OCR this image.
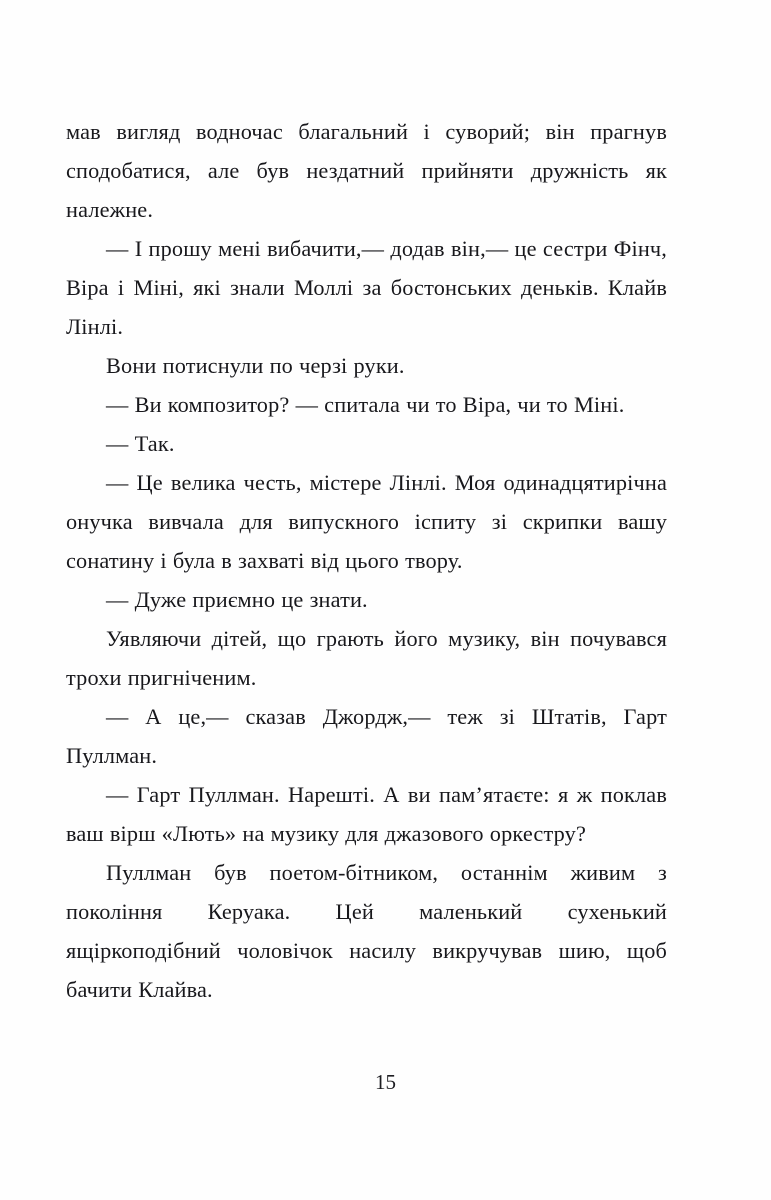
мав вигляд водночас благальний і суворий; він прагнув сподобатися, але був нездатний прийняти дружність як належне.

— І прошу мені вибачити,— додав він,— це сестри Фінч, Віра і Міні, які знали Моллі за бостонських деньків. Клайв Лінлі.

Вони потиснули по черзі руки.

— Ви композитор? — спитала чи то Віра, чи то Міні.

— Так.

— Це велика честь, містере Лінлі. Моя одинадцятирічна онучка вивчала для випускного іспиту зі скрипки вашу сонатину і була в захваті від цього твору.

— Дуже приємно це знати.

Уявляючи дітей, що грають його музику, він почувався трохи пригніченим.

— А це,— сказав Джордж,— теж зі Штатів, Гарт Пуллман.

— Гарт Пуллман. Нарешті. А ви пам’ятаєте: я ж поклав ваш вірш «Лють» на музику для джазового оркестру?

Пуллман був поетом-бітником, останнім живим з покоління Керуака. Цей маленький сухенький ящіркоподібний чоловічок насилу викручував шию, щоб бачити Клайва.

15
